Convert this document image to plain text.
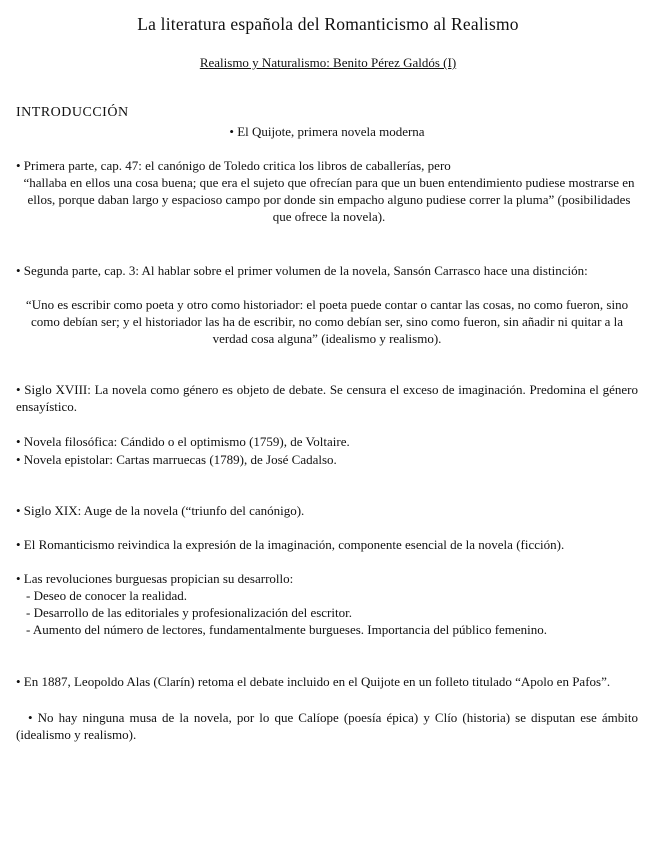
La literatura española del Romanticismo al Realismo
Realismo y Naturalismo: Benito Pérez Galdós (I)
INTRODUCCIÓN

• El Quijote, primera novela moderna

• Primera parte, cap. 47: el canónigo de Toledo critica los libros de caballerías, pero

“hallaba en ellos una cosa buena; que era el sujeto que ofrecían para que un buen entendimiento pudiese mostrarse en ellos, porque daban largo y espacioso campo por donde sin empacho alguno pudiese correr la pluma” (posibilidades que ofrece la novela).

• Segunda parte, cap. 3: Al hablar sobre el primer volumen de la novela, Sansón Carrasco hace una distinción:

“Uno es escribir como poeta y otro como historiador: el poeta puede contar o cantar las cosas, no como fueron, sino como debían ser; y el historiador las ha de escribir, no como debían ser, sino como fueron, sin añadir ni quitar a la verdad cosa alguna” (idealismo y realismo).

• Siglo XVIII: La novela como género es objeto de debate. Se censura el exceso de imaginación. Predomina el género ensayístico.

• Novela filosófica: Cándido o el optimismo (1759), de Voltaire.

• Novela epistolar: Cartas marruecas (1789), de José Cadalso.

• Siglo XIX: Auge de la novela (“triunfo del canónigo).

• El Romanticismo reivindica la expresión de la imaginación, componente esencial de la novela (ficción).

• Las revoluciones burguesas propician su desarrollo:

- Deseo de conocer la realidad.

- Desarrollo de las editoriales y profesionalización del escritor.

- Aumento del número de lectores, fundamentalmente burgueses. Importancia del público femenino.

• En 1887, Leopoldo Alas (Clarín) retoma el debate incluido en el Quijote en un folleto titulado “Apolo en Pafos”.

• No hay ninguna musa de la novela, por lo que Calíope (poesía épica) y Clío (historia) se disputan ese ámbito (idealismo y realismo).
